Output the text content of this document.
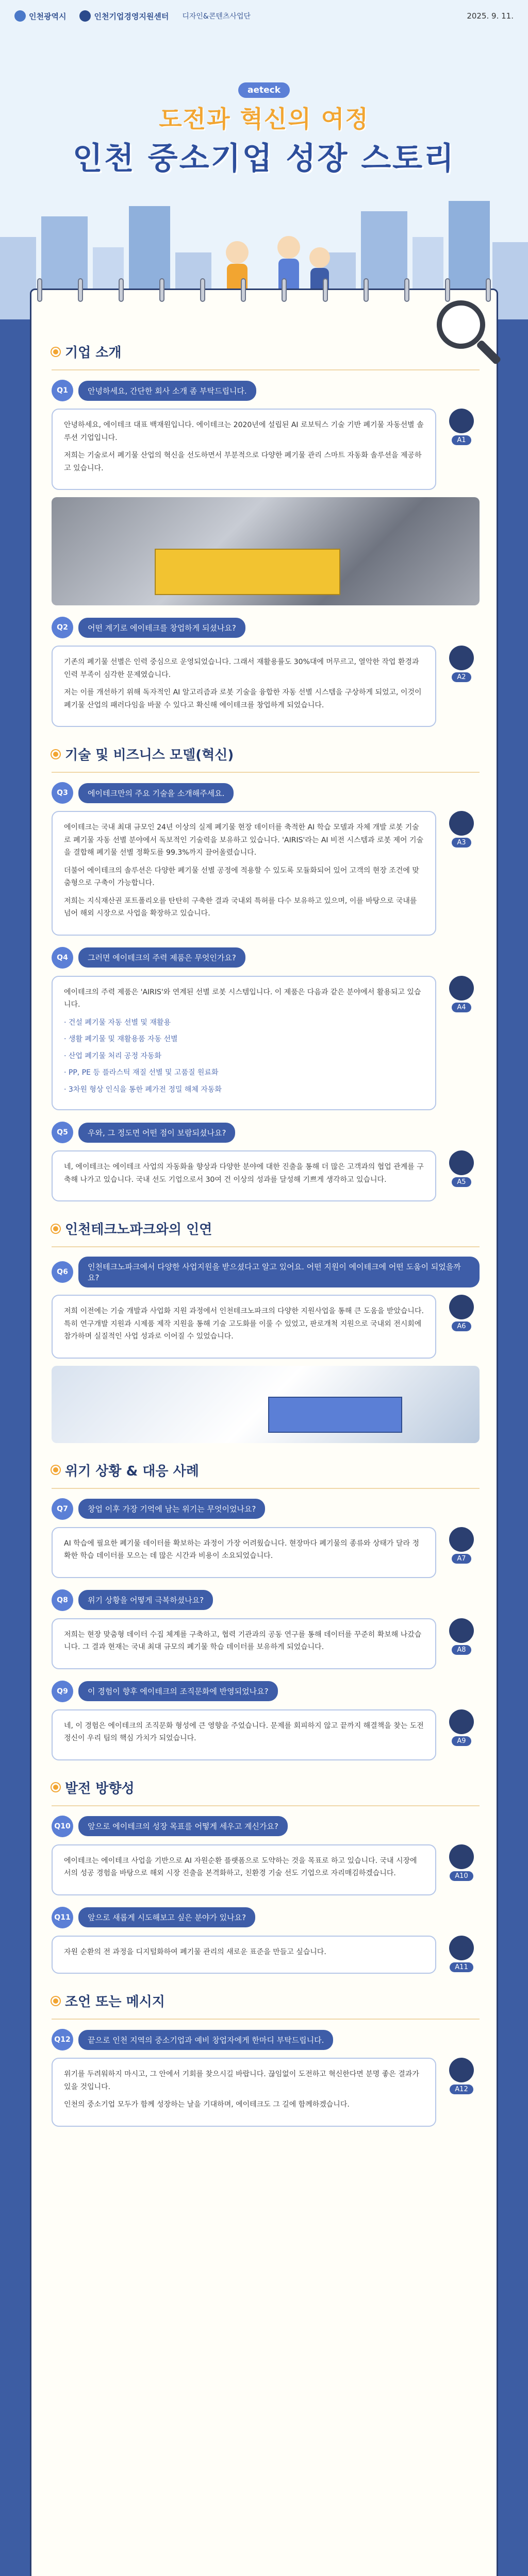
인천광역시	인천기업경영지원센터 디자인&콘텐츠사업단	2025. 9. 11.
aeteck
도전과 혁신의 여정
인천 중소기업 성장 스토리
기업 소개
Q1	안녕하세요, 간단한 회사 소개 좀 부탁드립니다.

안녕하세요, 에이테크 대표 백재원입니다. 에이테크는 2020년에 설립된 AI 로보틱스 기술 기반 폐기물 자동선별 솔루션 기업입니다.

저희는 기술로서 폐기물 산업의 혁신을 선도하면서 부분적으로 다양한 폐기물 관리 스마트 자동화 솔루션을 제공하고 있습니다.

A1
Q2	어떤 계기로 에이테크를 창업하게 되셨나요?

기존의 폐기물 선별은 인력 중심으로 운영되었습니다. 그래서 재활용률도 30%대에 머무르고, 열악한 작업 환경과 인력 부족이 심각한 문제였습니다.

저는 이를 개선하기 위해 독자적인 AI 알고리즘과 로봇 기술을 융합한 자동 선별 시스템을 구상하게 되었고, 이것이 폐기물 산업의 패러다임을 바꿀 수 있다고 확신해 에이테크를 창업하게 되었습니다.

A2
기술 및 비즈니스 모델(혁신)
Q3	에이테크만의 주요 기술을 소개해주세요.

에이테크는 국내 최대 규모인 24년 이상의 실제 폐기물 현장 데이터를 축적한 AI 학습 모델과 자체 개발 로봇 기술로 폐기물 자동 선별 분야에서 독보적인 기술력을 보유하고 있습니다. 'AIRIS'라는 AI 비전 시스템과 로봇 제어 기술을 결합해 폐기물 선별 정확도를 99.3%까지 끌어올렸습니다.

더불어 에이테크의 솔루션은 다양한 폐기물 선별 공정에 적용할 수 있도록 모듈화되어 있어 고객의 현장 조건에 맞춤형으로 구축이 가능합니다.

저희는 지식재산권 포트폴리오를 탄탄히 구축한 결과 국내외 특허를 다수 보유하고 있으며, 이를 바탕으로 국내를 넘어 해외 시장으로 사업을 확장하고 있습니다.

A3
Q4	그러면 에이테크의 주력 제품은 무엇인가요?

에이테크의 주력 제품은 'AIRIS'와 연계된 선별 로봇 시스템입니다. 이 제품은 다음과 같은 분야에서 활용되고 있습니다.

· 건설 폐기물 자동 선별 및 재활용
· 생활 폐기물 및 재활용품 자동 선별
· 산업 폐기물 처리 공정 자동화
· PP, PE 등 플라스틱 재질 선별 및 고품질 원료화
· 3차원 형상 인식을 통한 폐가전 정밀 해체 자동화
A4
Q5	우와, 그 정도면 어떤 점이 보람되셨나요?

네, 에이테크는 에이테크 사업의 자동화율 향상과 다양한 분야에 대한 진출을 통해 더 많은 고객과의 협업 관계를 구축해 나가고 있습니다. 국내 선도 기업으로서 30여 건 이상의 성과를 달성해 기쁘게 생각하고 있습니다.	A5
인천테크노파크와의 인연
Q6
인천테크노파크에서 다양한 사업지원을 받으셨다고 알고 있어요. 어떤 지원이 에이테크에 어떤 도움이 되었을까요?

저희 이전에는 기술 개발과 사업화 지원 과정에서 인천테크노파크의 다양한 지원사업을 통해 큰 도움을 받았습니다. 특히 연구개발 지원과 시제품 제작 지원을 통해 기술 고도화를 이룰 수 있었고, 판로개척 지원으로 국내외 전시회에 참가하며 실질적인 사업 성과로 이어질 수 있었습니다.

A6
위기 상황 & 대응 사례
Q7	창업 이후 가장 기억에 남는 위기는 무엇이었나요?

AI 학습에 필요한 폐기물 데이터를 확보하는 과정이 가장 어려웠습니다. 현장마다 폐기물의 종류와 상태가 달라 정확한 학습 데이터를 모으는 데 많은 시간과 비용이 소요되었습니다.	A7
Q8	위기 상황을 어떻게 극복하셨나요?

저희는 현장 맞춤형 데이터 수집 체계를 구축하고, 협력 기관과의 공동 연구를 통해 데이터를 꾸준히 확보해 나갔습니다. 그 결과 현재는 국내 최대 규모의 폐기물 학습 데이터를 보유하게 되었습니다.	A8
Q9	이 경험이 향후 에이테크의 조직문화에 반영되었나요?

네, 이 경험은 에이테크의 조직문화 형성에 큰 영향을 주었습니다. 문제를 회피하지 않고 끝까지 해결책을 찾는 도전 정신이 우리 팀의 핵심 가치가 되었습니다.	A9
발전 방향성
Q10	앞으로 에이테크의 성장 목표를 어떻게 세우고 계신가요?

에이테크는 에이테크 사업을 기반으로 AI 자원순환 플랫폼으로 도약하는 것을 목표로 하고 있습니다. 국내 시장에서의 성공 경험을 바탕으로 해외 시장 진출을 본격화하고, 친환경 기술 선도 기업으로 자리매김하겠습니다.	A10
Q11	앞으로 새롭게 시도해보고 싶은 분야가 있나요?

자원 순환의 전 과정을 디지털화하여 폐기물 관리의 새로운 표준을 만들고 싶습니다.

A11
조언 또는 메시지
Q12	끝으로 인천 지역의 중소기업과 예비 창업자에게 한마디 부탁드립니다.

위기를 두려워하지 마시고, 그 안에서 기회를 찾으시길 바랍니다. 끊임없이 도전하고 혁신한다면 분명 좋은 결과가 있을 것입니다.

인천의 중소기업 모두가 함께 성장하는 날을 기대하며, 에이테크도 그 길에 함께하겠습니다.

A12
